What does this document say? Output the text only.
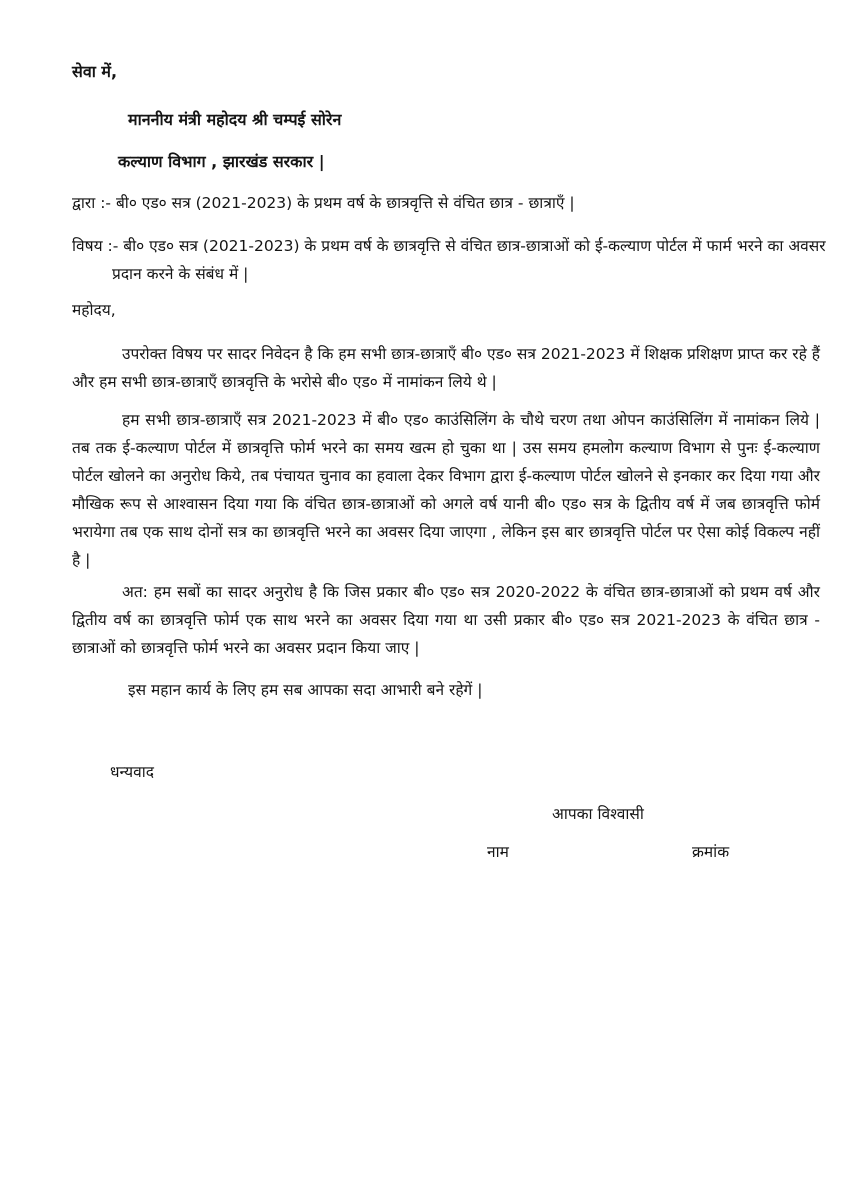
सेवा में,
माननीय मंत्री महोदय श्री चम्पई सोरेन
कल्याण विभाग , झारखंड सरकार |
द्वारा :- बी० एड० सत्र (2021-2023) के प्रथम वर्ष के छात्रवृत्ति से वंचित छात्र - छात्राएँ |
विषय :- बी० एड० सत्र (2021-2023) के प्रथम वर्ष के छात्रवृत्ति से वंचित छात्र-छात्राओं को ई-कल्याण पोर्टल में फार्म भरने का अवसर प्रदान करने के संबंध में |
महोदय,
उपरोक्त विषय पर सादर निवेदन है कि हम सभी छात्र-छात्राएँ बी० एड० सत्र 2021-2023 में शिक्षक प्रशिक्षण प्राप्त कर रहे हैं और हम सभी छात्र-छात्राएँ छात्रवृत्ति के भरोसे बी० एड० में नामांकन लिये थे |
हम सभी छात्र-छात्राएँ सत्र 2021-2023 में बी० एड० काउंसिलिंग के चौथे चरण तथा ओपन काउंसिलिंग में नामांकन लिये | तब तक ई-कल्याण पोर्टल में छात्रवृत्ति फोर्म भरने का समय खत्म हो चुका था | उस समय हमलोग कल्याण विभाग से पुनः ई-कल्याण पोर्टल खोलने का अनुरोध किये, तब पंचायत चुनाव का हवाला देकर विभाग द्वारा ई-कल्याण पोर्टल खोलने से इनकार कर दिया गया और मौखिक रूप से आश्वासन दिया गया कि वंचित छात्र-छात्राओं को अगले वर्ष यानी बी० एड० सत्र के द्वितीय वर्ष में जब छात्रवृत्ति फोर्म भरायेगा तब एक साथ दोनों सत्र का छात्रवृत्ति भरने का अवसर दिया जाएगा , लेकिन इस बार छात्रवृत्ति पोर्टल पर ऐसा कोई विकल्प नहीं है |
अत: हम सबों का सादर अनुरोध है कि जिस प्रकार बी० एड० सत्र 2020-2022 के वंचित छात्र-छात्राओं को प्रथम वर्ष और द्वितीय वर्ष का छात्रवृत्ति फोर्म एक साथ भरने का अवसर दिया गया था उसी प्रकार बी० एड० सत्र 2021-2023 के वंचित छात्र - छात्राओं को छात्रवृत्ति फोर्म भरने का अवसर प्रदान किया जाए |
इस महान कार्य के लिए हम सब आपका सदा आभारी बने रहेगें |
धन्यवाद
आपका विश्वासी
नाम	क्रमांक
